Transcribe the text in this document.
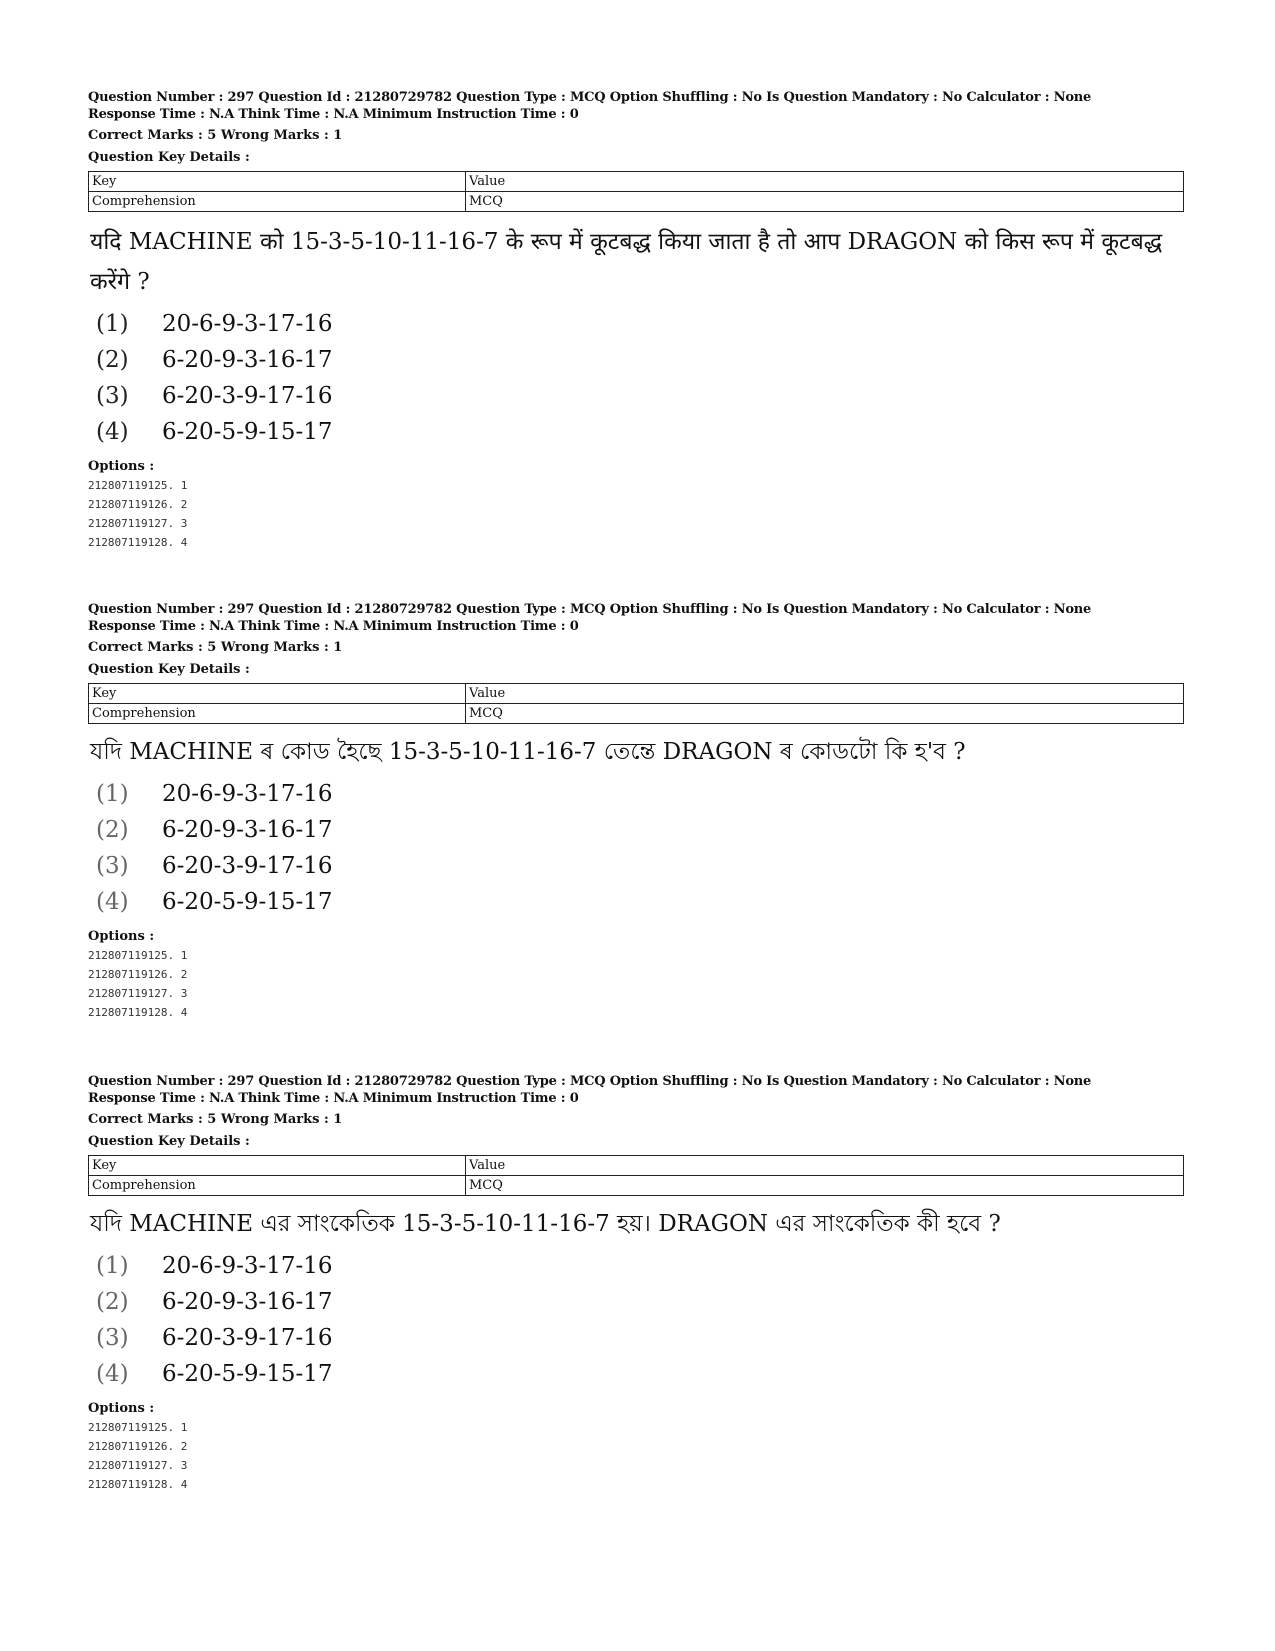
Question Number : 297 Question Id : 21280729782 Question Type : MCQ Option Shuffling : No Is Question Mandatory : No Calculator : None
Response Time : N.A Think Time : N.A Minimum Instruction Time : 0
Correct Marks : 5 Wrong Marks : 1
Question Key Details :
Key	Value
Comprehension	MCQ
यदि MACHINE को 15-3-5-10-11-16-7 के रूप में कूटबद्ध किया जाता है तो आप DRAGON को किस रूप में कूटबद्ध करेंगे ?
(1)	20-6-9-3-17-16
(2)	6-20-9-3-16-17
(3)	6-20-3-9-17-16
(4)	6-20-5-9-15-17
Options :
212807119125. 1
212807119126. 2
212807119127. 3
212807119128. 4
Question Number : 297 Question Id : 21280729782 Question Type : MCQ Option Shuffling : No Is Question Mandatory : No Calculator : None
Response Time : N.A Think Time : N.A Minimum Instruction Time : 0
Correct Marks : 5 Wrong Marks : 1
Question Key Details :
Key	Value
Comprehension	MCQ
যদি MACHINE ৰ কোড হৈছে 15-3-5-10-11-16-7 তেন্তে DRAGON ৰ কোডটো কি হ'ব ?
(1)	20-6-9-3-17-16
(2)	6-20-9-3-16-17
(3)	6-20-3-9-17-16
(4)	6-20-5-9-15-17
Options :
212807119125. 1
212807119126. 2
212807119127. 3
212807119128. 4
Question Number : 297 Question Id : 21280729782 Question Type : MCQ Option Shuffling : No Is Question Mandatory : No Calculator : None
Response Time : N.A Think Time : N.A Minimum Instruction Time : 0
Correct Marks : 5 Wrong Marks : 1
Question Key Details :
Key	Value
Comprehension	MCQ
যদি MACHINE এর সাংকেতিক 15-3-5-10-11-16-7 হয়। DRAGON এর সাংকেতিক কী হবে ?
(1)	20-6-9-3-17-16
(2)	6-20-9-3-16-17
(3)	6-20-3-9-17-16
(4)	6-20-5-9-15-17
Options :
212807119125. 1
212807119126. 2
212807119127. 3
212807119128. 4
